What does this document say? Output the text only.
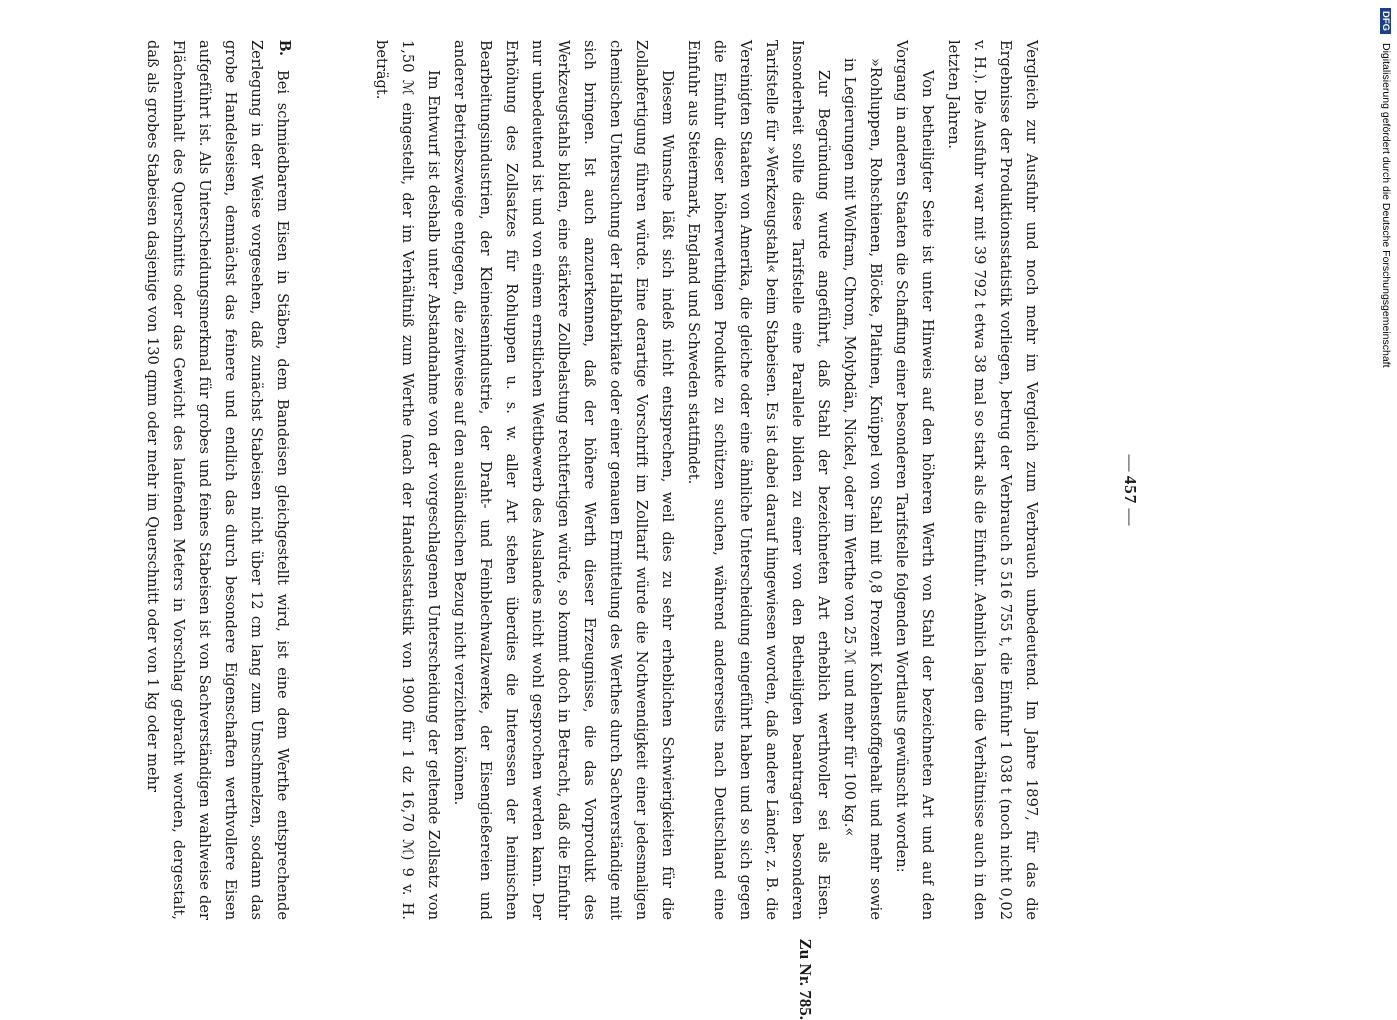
— 457 —

Vergleich zur Ausfuhr und noch mehr im Vergleich zum Verbrauch unbedeutend. Im Jahre 1897, für das die Ergebnisse der Produktionsstatistik vorliegen, betrug der Verbrauch 5 516 755 t, die Einfuhr 1 038 t (noch nicht 0,02 v. H.). Die Ausfuhr war mit 39 792 t etwa 38 mal so stark als die Einfuhr. Aehnlich lagen die Verhältnisse auch in den letzten Jahren.

Von betheiligter Seite ist unter Hinweis auf den höheren Werth von Stahl der bezeichneten Art und auf den Vorgang in anderen Staaten die Schaffung einer besonderen Tarifstelle folgenden Wortlauts gewünscht worden:

»Rohluppen, Rohschienen, Blöcke, Platinen, Knüppel von Stahl mit 0,8 Prozent Kohlenstoffgehalt und mehr sowie in Legierungen mit Wolfram, Chrom, Molybdän, Nickel, oder im Werthe von 25 ℳ und mehr für 100 kg.«

Zur Begründung wurde angeführt, daß Stahl der bezeichneten Art erheblich werthvoller sei als Eisen. Insonderheit sollte diese Tarifstelle eine Parallele bilden zu einer von den Betheiligten beantragten besonderen Tarifstelle für »Werkzeugstahl« beim Stabeisen. Es ist dabei darauf hingewiesen worden, daß andere Länder, z. B. die Vereinigten Staaten von Amerika, die gleiche oder eine ähnliche Unterscheidung eingeführt haben und so sich gegen die Einfuhr dieser höherwerthigen Produkte zu schützen suchen, während andererseits nach Deutschland eine Einfuhr aus Steiermark, England und Schweden stattfindet.

Diesem Wunsche läßt sich indeß nicht entsprechen, weil dies zu sehr erheblichen Schwierigkeiten für die Zollabfertigung führen würde. Eine derartige Vorschrift im Zolltarif würde die Nothwendigkeit einer jedesmaligen chemischen Untersuchung der Halbfabrikate oder einer genauen Ermittelung des Werthes durch Sachverständige mit sich bringen. Ist auch anzuerkennen, daß der höhere Werth dieser Erzeugnisse, die das Vorprodukt des Werkzeugstahls bilden, eine stärkere Zollbelastung rechtfertigen würde, so kommt doch in Betracht, daß die Einfuhr nur unbedeutend ist und von einem ernstlichen Wettbewerb des Auslandes nicht wohl gesprochen werden kann. Der Erhöhung des Zollsatzes für Rohluppen u. s. w. aller Art stehen überdies die Interessen der heimischen Bearbeitungsindustrien, der Kleineisenindustrie, der Draht- und Feinblechwalzwerke, der Eisengießereien und anderer Betriebszweige entgegen, die zeitweise auf den ausländischen Bezug nicht verzichten können.

Im Entwurf ist deshalb unter Abstandnahme von der vorgeschlagenen Unterscheidung der geltende Zollsatz von 1,50 ℳ eingestellt, der im Verhältniß zum Werthe (nach der Handelsstatistik von 1900 für 1 dz 16,70 ℳ) 9 v. H. beträgt.

Zu Nr. 785.
B.

Bei schmiedbarem Eisen in Stäben, dem Bandeisen gleichgestellt wird, ist eine dem Werthe entsprechende Zerlegung in der Weise vorgesehen, daß zunächst Stabeisen nicht über 12 cm lang zum Umschmelzen, sodann das grobe Handelseisen, demnächst das feinere und endlich das durch besondere Eigenschaften werthvollere Eisen aufgeführt ist. Als Unterscheidungsmerkmal für grobes und feines Stabeisen ist von Sachverständigen wahlweise der Flächeninhalt des Querschnitts oder das Gewicht des laufenden Meters in Vorschlag gebracht worden, dergestalt, daß als grobes Stabeisen dasjenige von 130 qmm oder mehr im Querschnitt oder von 1 kg oder mehr

DFG Digitalisierung gefördert durch die Deutsche Forschungsgemeinschaft
